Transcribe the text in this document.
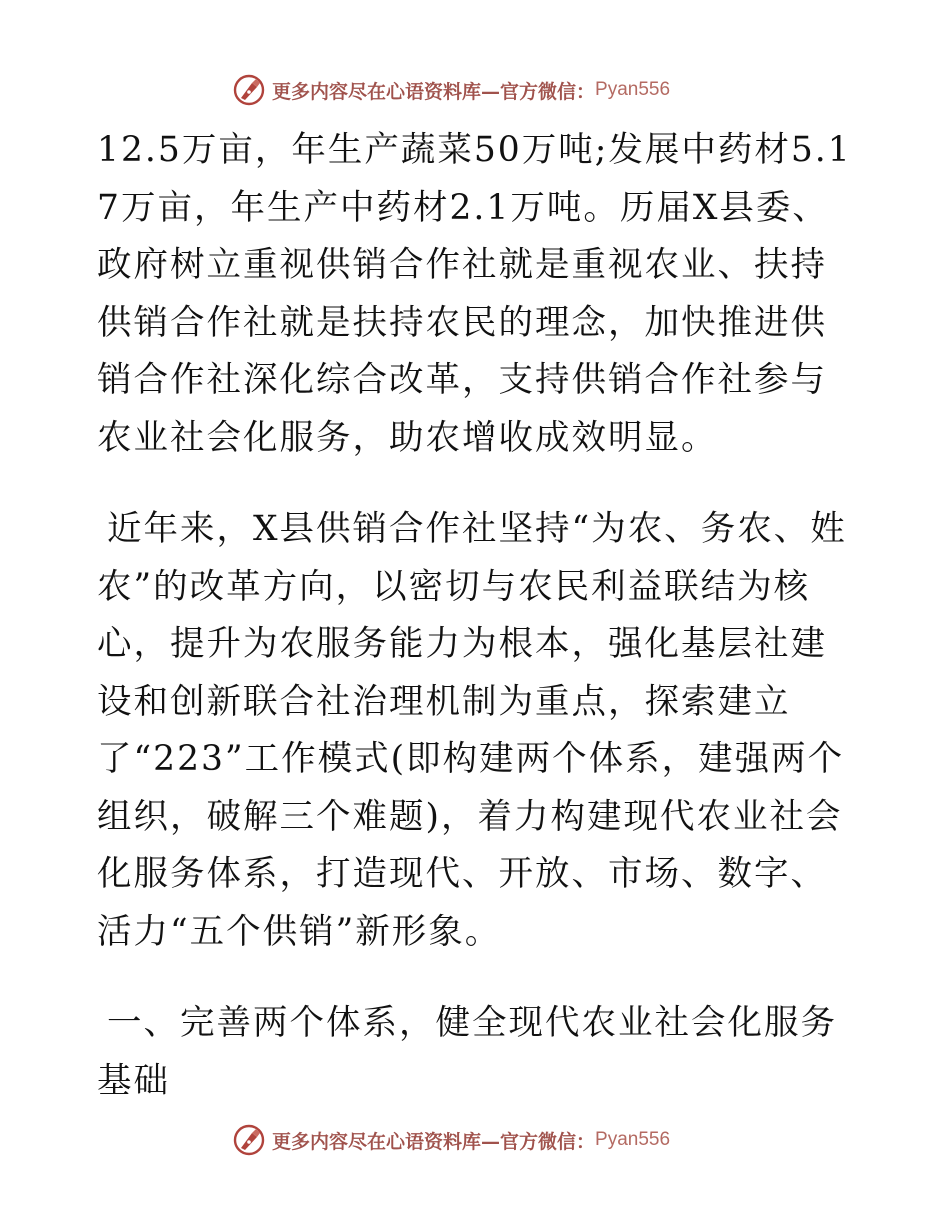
更多内容尽在心语资料库—官方微信： Pyan556

12.5万亩，年生产蔬菜50万吨;发展中药材5.17万亩，年生产中药材2.1万吨。历届X县委、政府树立重视供销合作社就是重视农业、扶持供销合作社就是扶持农民的理念，加快推进供销合作社深化综合改革，支持供销合作社参与农业社会化服务，助农增收成效明显。

近年来，X县供销合作社坚持“为农、务农、姓农”的改革方向，以密切与农民利益联结为核心，提升为农服务能力为根本，强化基层社建设和创新联合社治理机制为重点，探索建立了“223”工作模式(即构建两个体系，建强两个组织，破解三个难题)，着力构建现代农业社会化服务体系，打造现代、开放、市场、数字、活力“五个供销”新形象。

一、完善两个体系，健全现代农业社会化服务基础

更多内容尽在心语资料库—官方微信： Pyan556
